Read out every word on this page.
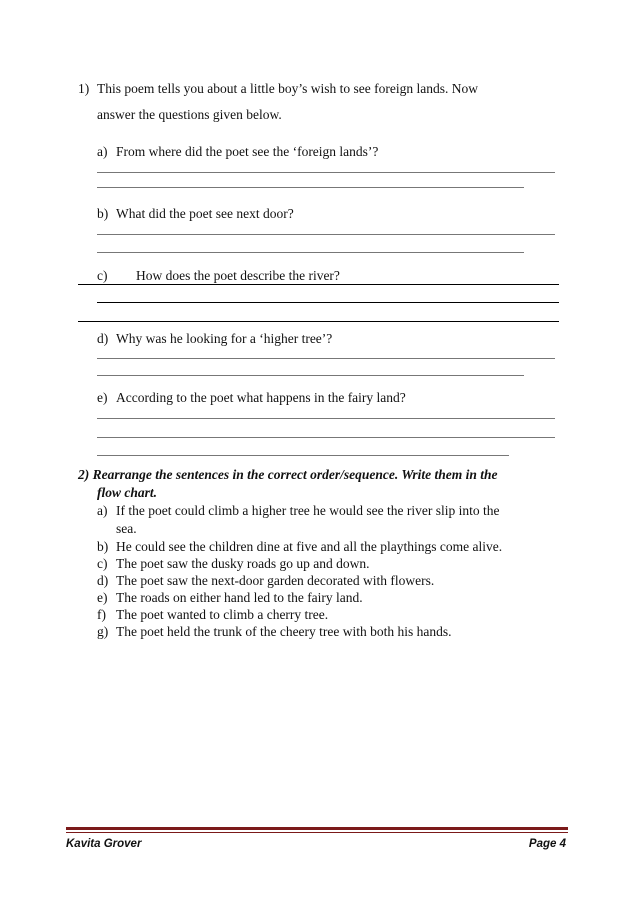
1) This poem tells you about a little boy’s wish to see foreign lands. Now
answer the questions given below.
a) From where did the poet see the ‘foreign lands’?
b) What did the poet see next door?
c) How does the poet describe the river?
d) Why was he looking for a ‘higher tree’?
e) According to the poet what happens in the fairy land?
2) Rearrange the sentences in the correct order/sequence. Write them in the
flow chart.
a) If the poet could climb a higher tree he would see the river slip into the
sea.
b) He could see the children dine at five and all the playthings come alive.
c) The poet saw the dusky roads go up and down.
d) The poet saw the next-door garden decorated with flowers.
e) The roads on either hand led to the fairy land.
f) The poet wanted to climb a cherry tree.
g) The poet held the trunk of the cheery tree with both his hands.
Kavita Grover	Page 4
